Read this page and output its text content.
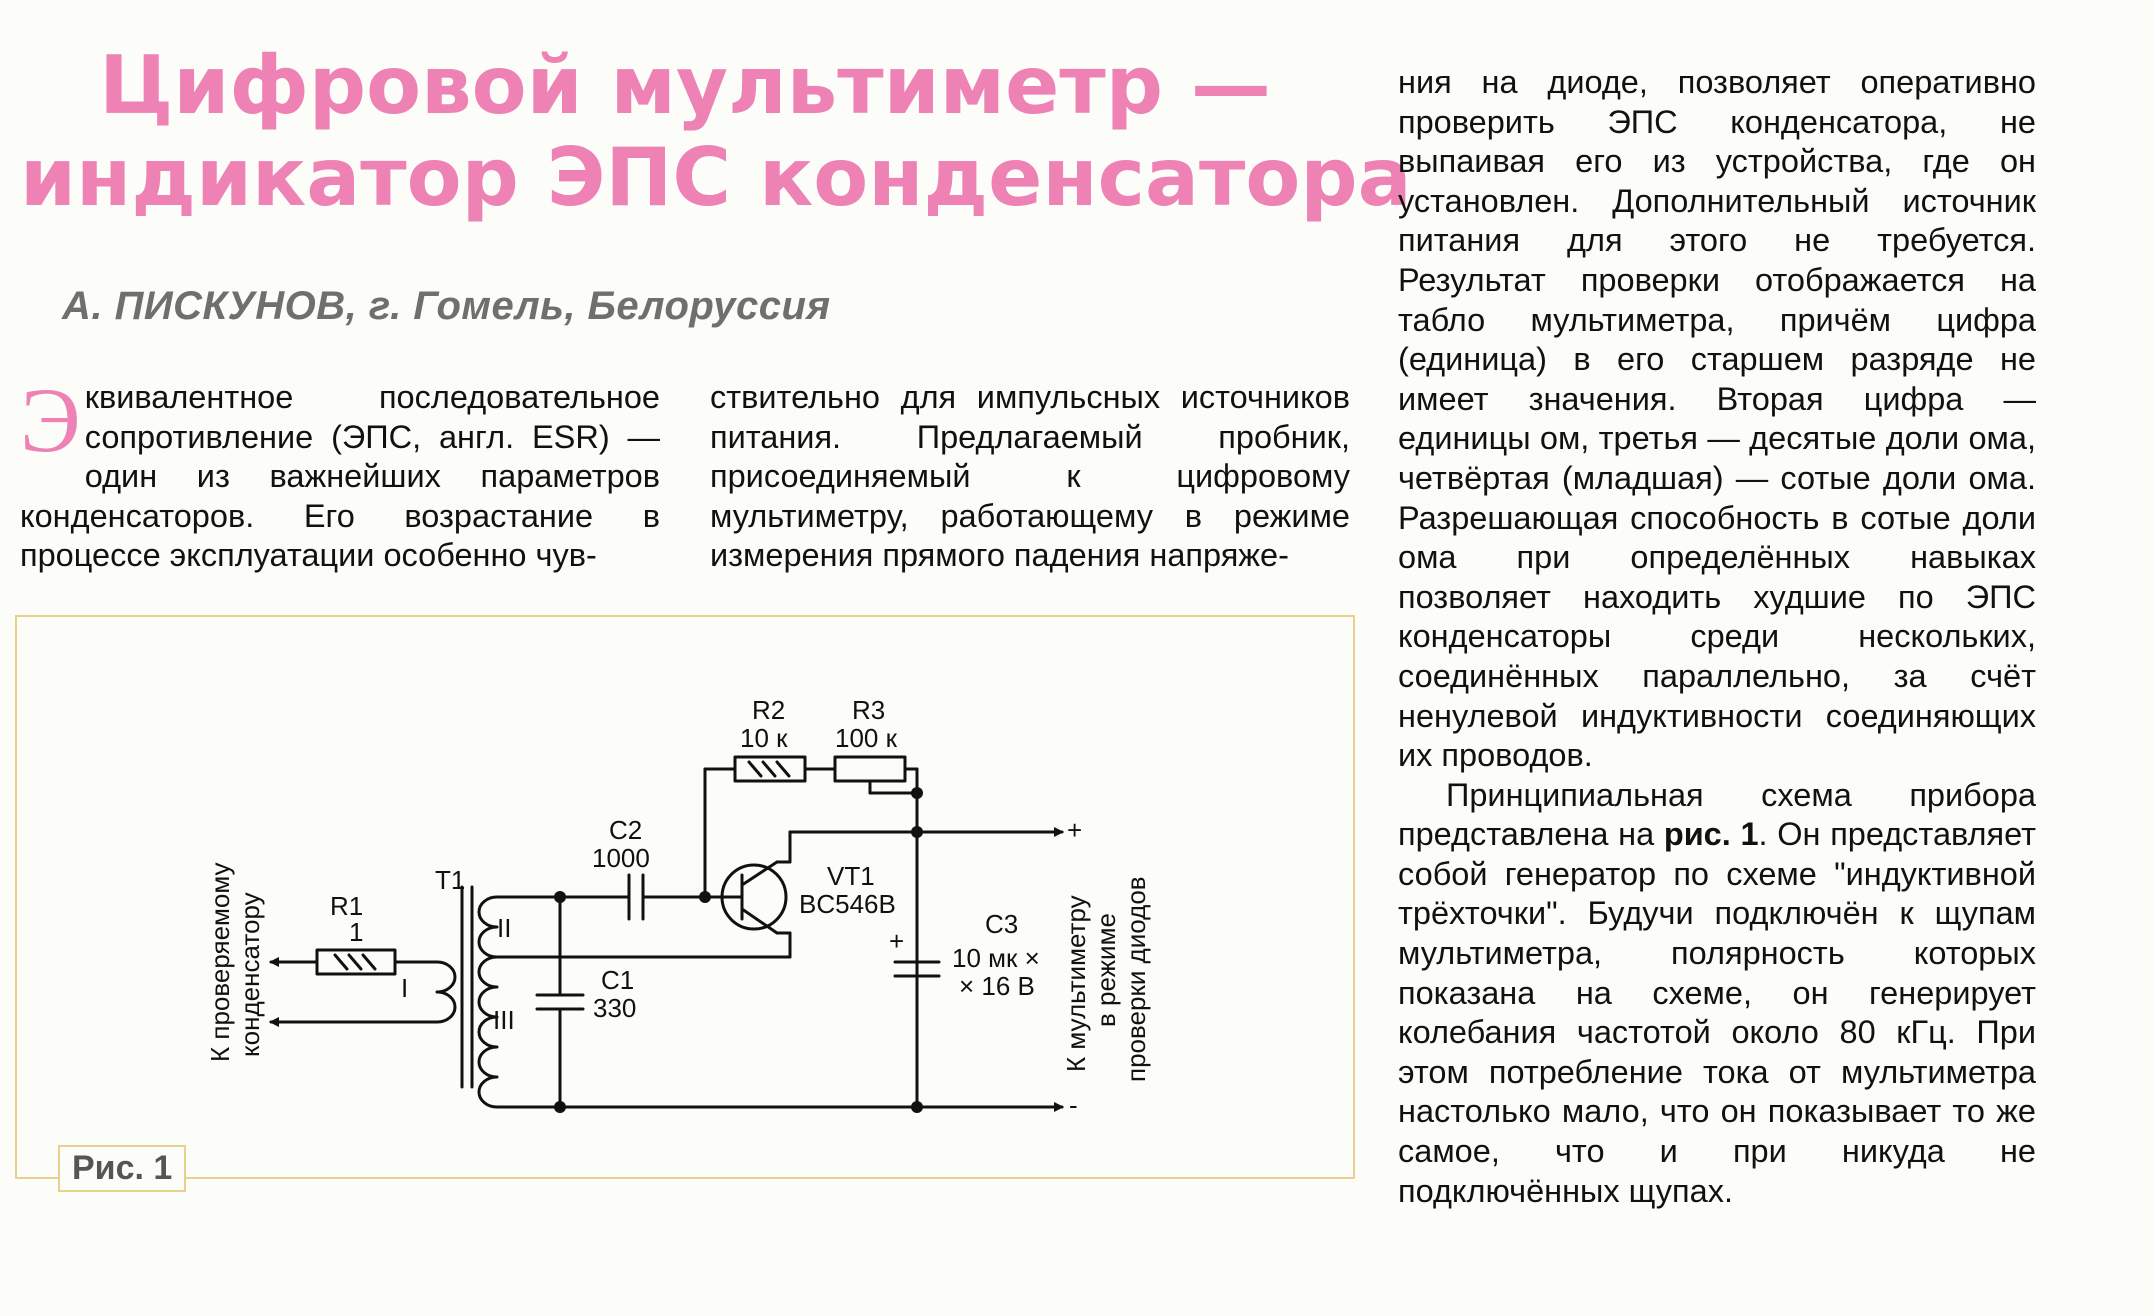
Цифровой мультиметр —
индикатор ЭПС конденсатора

А. ПИСКУНОВ, г. Гомель, Белоруссия

Э квивалентное последовательное сопротивление (ЭПС, англ. ESR) — один из важнейших параметров конденсаторов. Его возрастание в процессе эксплуатации особенно чув-
ствительно для импульсных источников питания. Предлагаемый пробник, присоединяемый к цифровому мультиметру, работающему в режиме измерения прямого падения напряже-

ния на диоде, позволяет оперативно проверить ЭПС конденсатора, не выпаивая его из устройства, где он установлен. Дополнительный источник питания для этого не требуется. Результат проверки отображается на табло мультиметра, причём цифра (единица) в его старшем разряде не имеет значения. Вторая цифра — единицы ом, третья — десятые доли ома, четвёртая (младшая) — сотые доли ома. Разрешающая способность в сотые доли ома при определённых навыках позволяет находить худшие по ЭПС конденсаторы среди нескольких, соединённых параллельно, за счёт ненулевой индуктивности соединяющих их проводов.

Принципиальная схема прибора представлена на рис. 1. Он представляет собой генератор по схеме "индуктивной трёхточки". Будучи подключён к щупам мультиметра, полярность которых показана на схеме, он генерирует колебания частотой около 80 кГц. При этом потребление тока от мультиметра настолько мало, что он показывает то же самое, что и при никуда не подключённых щупах.

R2
10 к
R3
100 к
C2
1000
VT1
BC546B
C3
10 мк ×
× 16 В
+
+
-
C1
330
T1
I
II
III
R1
1
К проверяемому конденсатору	К мультиметру в режиме проверки диодов
Рис. 1
